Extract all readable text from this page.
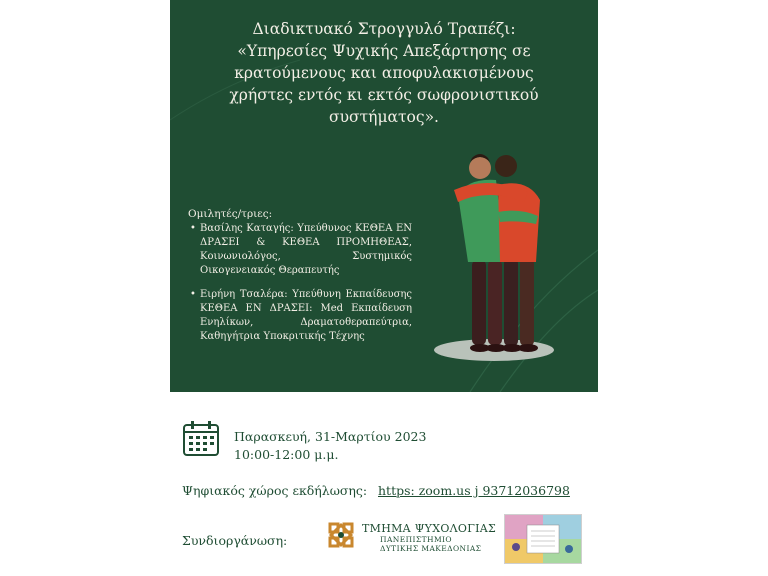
Διαδικτυακό Στρογγυλό Τραπέζι:
«Υπηρεσίες Ψυχικής Απεξάρτησης σε
κρατούμενους και αποφυλακισμένους
χρήστες εντός κι εκτός σωφρονιστικού
συστήματος».
Ομιλητές/τριες:
• Βασίλης Καταγής: Υπεύθυνος ΚΕΘΕΑ ΕΝ ΔΡΑΣΕΙ & ΚΕΘΕΑ ΠΡΟΜΗΘΕΑΣ, Κοινωνιολόγος, Συστημικός Οικογενειακός Θεραπευτής
• Ειρήνη Τσαλέρα: Υπεύθυνη Εκπαίδευσης ΚΕΘΕΑ ΕΝ ΔΡΑΣΕΙ: Med Εκπαίδευση Ενηλίκων, Δραματοθεραπεύτρια, Καθηγήτρια Υποκριτικής Τέχνης
Παρασκευή, 31-Μαρτίου 2023
10:00-12:00 μ.μ.
Ψηφιακός χώρος εκδήλωσης: https: zoom.us j 93712036798
Συνδιοργάνωση:
ΤΜΗΜΑ ΨΥΧΟΛΟΓΙΑΣ
ΠΑΝΕΠΙΣΤΗΜΙΟ
ΔΥΤΙΚΗΣ ΜΑΚΕΔΟΝΙΑΣ
